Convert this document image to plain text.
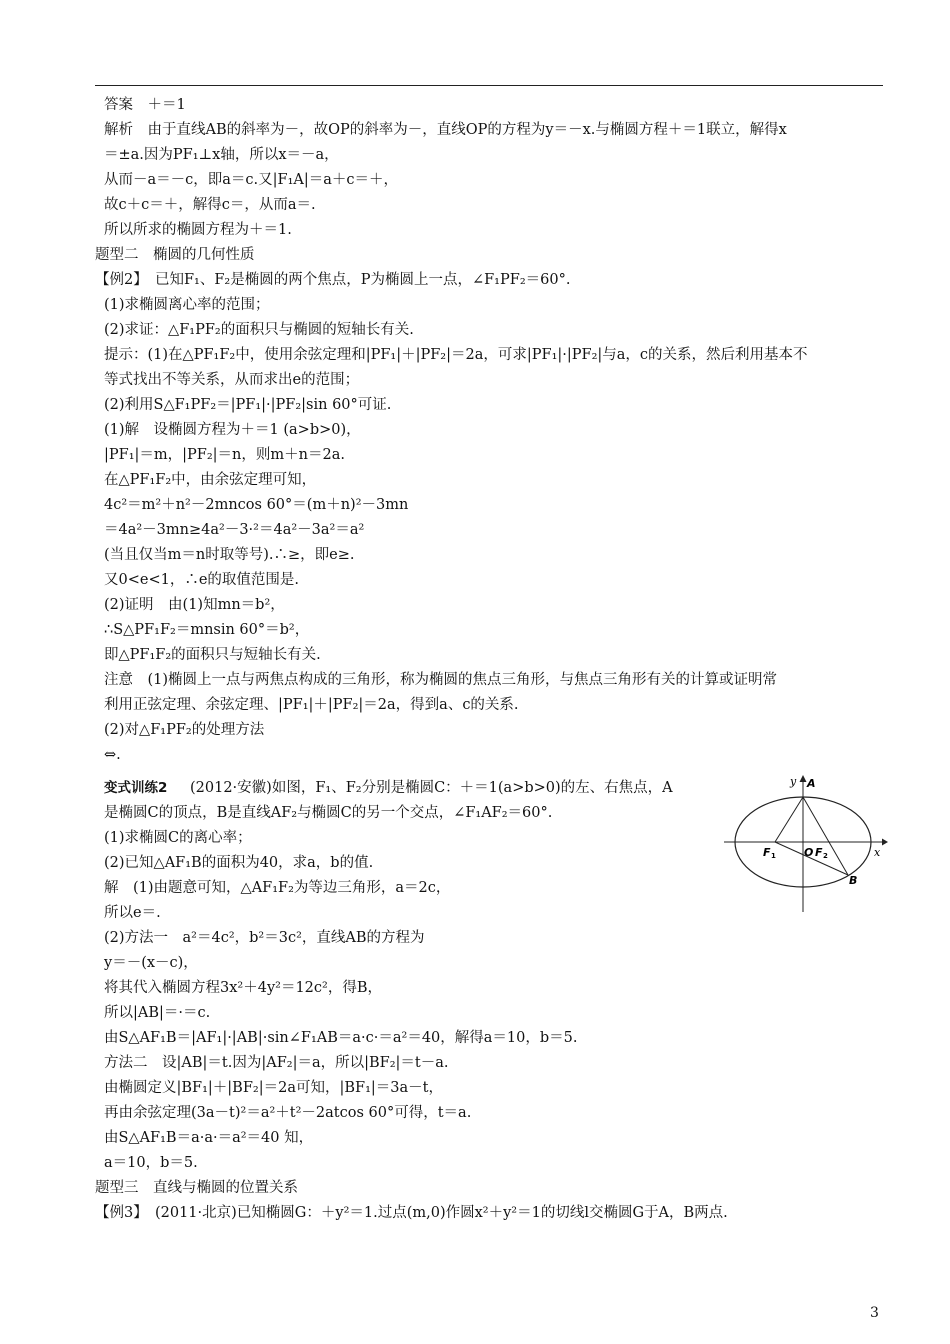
答案　＋＝1
解析　由于直线AB的斜率为－，故OP的斜率为－，直线OP的方程为y＝－x.与椭圆方程＋＝1联立，解得x
＝±a.因为PF₁⊥x轴，所以x＝－a，
从而－a＝－c，即a＝c.又|F₁A|＝a＋c＝＋，
故c＋c＝＋，解得c＝，从而a＝.
所以所求的椭圆方程为＋＝1.
题型二　椭圆的几何性质
【例2】　已知F₁、F₂是椭圆的两个焦点，P为椭圆上一点，∠F₁PF₂＝60°.
(1)求椭圆离心率的范围；
(2)求证：△F₁PF₂的面积只与椭圆的短轴长有关.
提示：(1)在△PF₁F₂中，使用余弦定理和|PF₁|＋|PF₂|＝2a，可求|PF₁|·|PF₂|与a，c的关系，然后利用基本不
等式找出不等关系，从而求出e的范围；
(2)利用S△F₁PF₂＝|PF₁|·|PF₂|sin 60°可证.
(1)解　设椭圆方程为＋＝1 (a>b>0)，
|PF₁|＝m，|PF₂|＝n，则m＋n＝2a.
在△PF₁F₂中，由余弦定理可知，
4c²＝m²＋n²－2mncos 60°＝(m＋n)²－3mn
＝4a²－3mn≥4a²－3·²＝4a²－3a²＝a²
(当且仅当m＝n时取等号).∴≥，即e≥.
又0<e<1，∴e的取值范围是.
(2)证明　由(1)知mn＝b²，
∴S△PF₁F₂＝mnsin 60°＝b²，
即△PF₁F₂的面积只与短轴长有关.
注意　(1)椭圆上一点与两焦点构成的三角形，称为椭圆的焦点三角形，与焦点三角形有关的计算或证明常
利用正弦定理、余弦定理、|PF₁|＋|PF₂|＝2a，得到a、c的关系.
(2)对△F₁PF₂的处理方法
⇔.
(2012·安徽)如图，F₁、F₂分别是椭圆C：＋＝1(a>b>0)的左、右焦点，A
是椭圆C的顶点，B是直线AF₂与椭圆C的另一个交点，∠F₁AF₂＝60°.
(1)求椭圆C的离心率；
(2)已知△AF₁B的面积为40，求a，b的值.
解　(1)由题意可知，△AF₁F₂为等边三角形，a＝2c，
所以e＝.
(2)方法一　a²＝4c²，b²＝3c²，直线AB的方程为
y＝－(x－c)，
将其代入椭圆方程3x²＋4y²＝12c²，得B，
所以|AB|＝·＝c.
由S△AF₁B＝|AF₁|·|AB|·sin∠F₁AB＝a·c·＝a²＝40，解得a＝10，b＝5.
方法二　设|AB|＝t.因为|AF₂|＝a，所以|BF₂|＝t－a.
由椭圆定义|BF₁|＋|BF₂|＝2a可知，|BF₁|＝3a－t，
再由余弦定理(3a－t)²＝a²＋t²－2atcos 60°可得，t＝a.
由S△AF₁B＝a·a·＝a²＝40 知，
a＝10，b＝5.
题型三　直线与椭圆的位置关系
【例3】　(2011·北京)已知椭圆G：＋y²＝1.过点(m,0)作圆x²＋y²＝1的切线l交椭圆G于A，B两点.
变式训练2	y A
F 1	O F 2	x
B
3
